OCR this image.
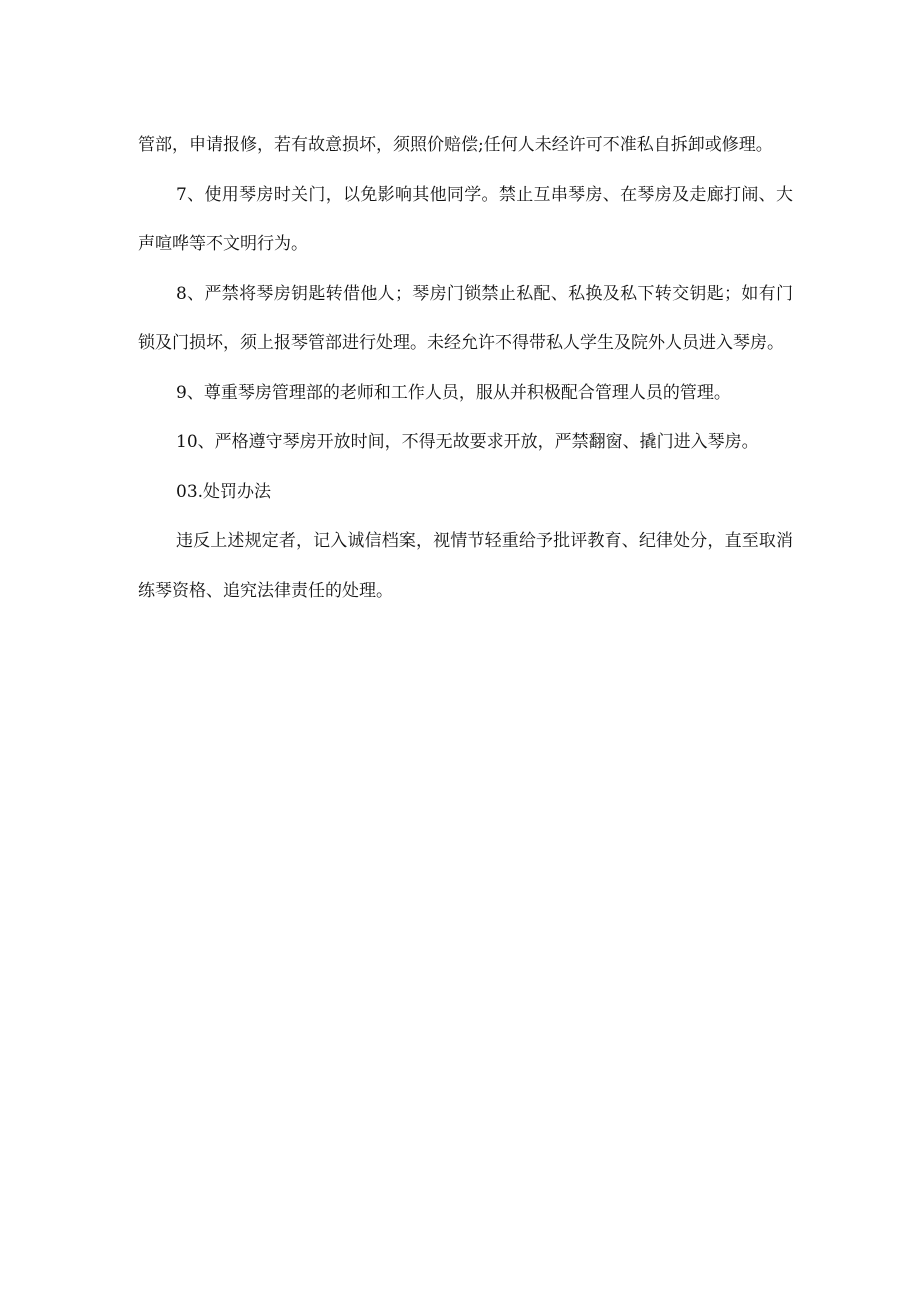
管部，申请报修，若有故意损坏，须照价赔偿;任何人未经许可不准私自拆卸或修理。

7、使用琴房时关门，以免影响其他同学。禁止互串琴房、在琴房及走廊打闹、大声喧哗等不文明行为。

8、严禁将琴房钥匙转借他人；琴房门锁禁止私配、私换及私下转交钥匙；如有门锁及门损坏，须上报琴管部进行处理。未经允许不得带私人学生及院外人员进入琴房。

9、尊重琴房管理部的老师和工作人员，服从并积极配合管理人员的管理。

10、严格遵守琴房开放时间，不得无故要求开放，严禁翻窗、撬门进入琴房。

03.处罚办法

违反上述规定者，记入诚信档案，视情节轻重给予批评教育、纪律处分，直至取消练琴资格、追究法律责任的处理。
